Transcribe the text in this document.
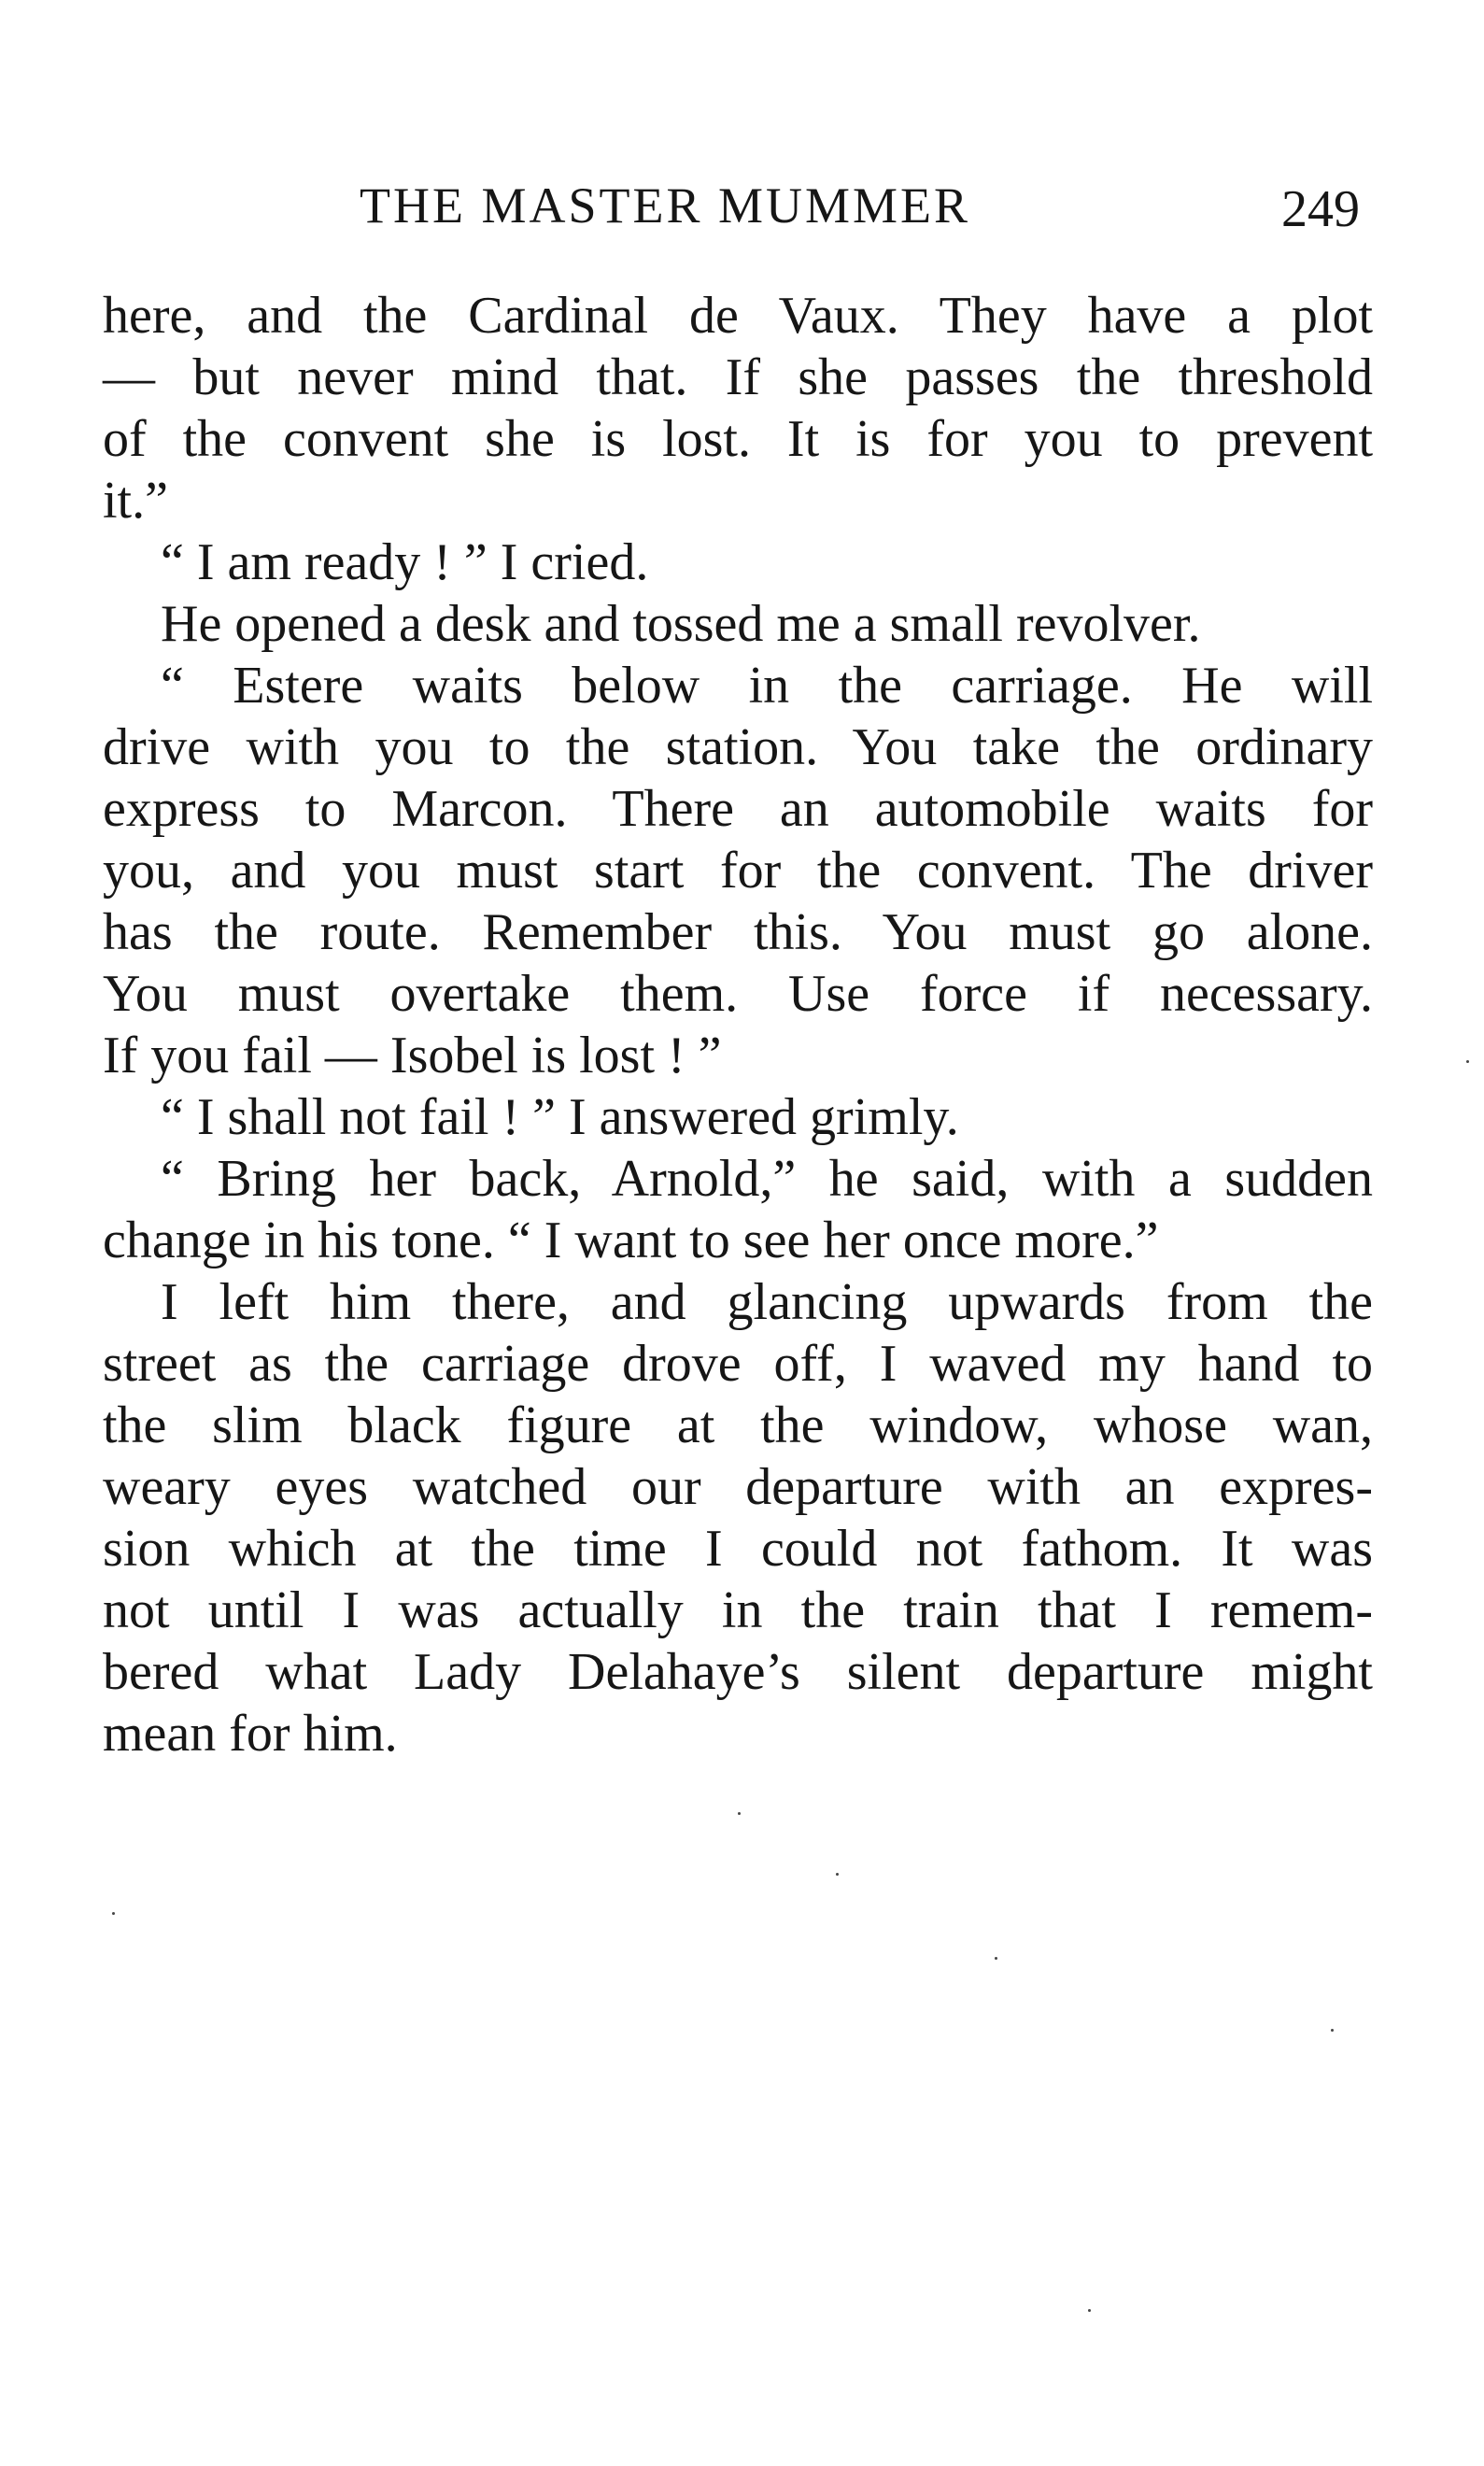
THE MASTER MUMMER	249
here, and the Cardinal de Vaux. They have a plot
— but never mind that. If she passes the threshold
of the convent she is lost. It is for you to prevent
it.”
“ I am ready ! ” I cried.
He opened a desk and tossed me a small revolver.
“ Estere waits below in the carriage. He will
drive with you to the station. You take the ordinary
express to Marcon. There an automobile waits for
you, and you must start for the convent. The driver
has the route. Remember this. You must go alone.
You must overtake them. Use force if necessary.
If you fail — Isobel is lost ! ”
“ I shall not fail ! ” I answered grimly.
“ Bring her back, Arnold,” he said, with a sudden
change in his tone. “ I want to see her once more.”
I left him there, and glancing upwards from the
street as the carriage drove off, I waved my hand to
the slim black figure at the window, whose wan,
weary eyes watched our departure with an expres-
sion which at the time I could not fathom. It was
not until I was actually in the train that I remem-
bered what Lady Delahaye’s silent departure might
mean for him.
